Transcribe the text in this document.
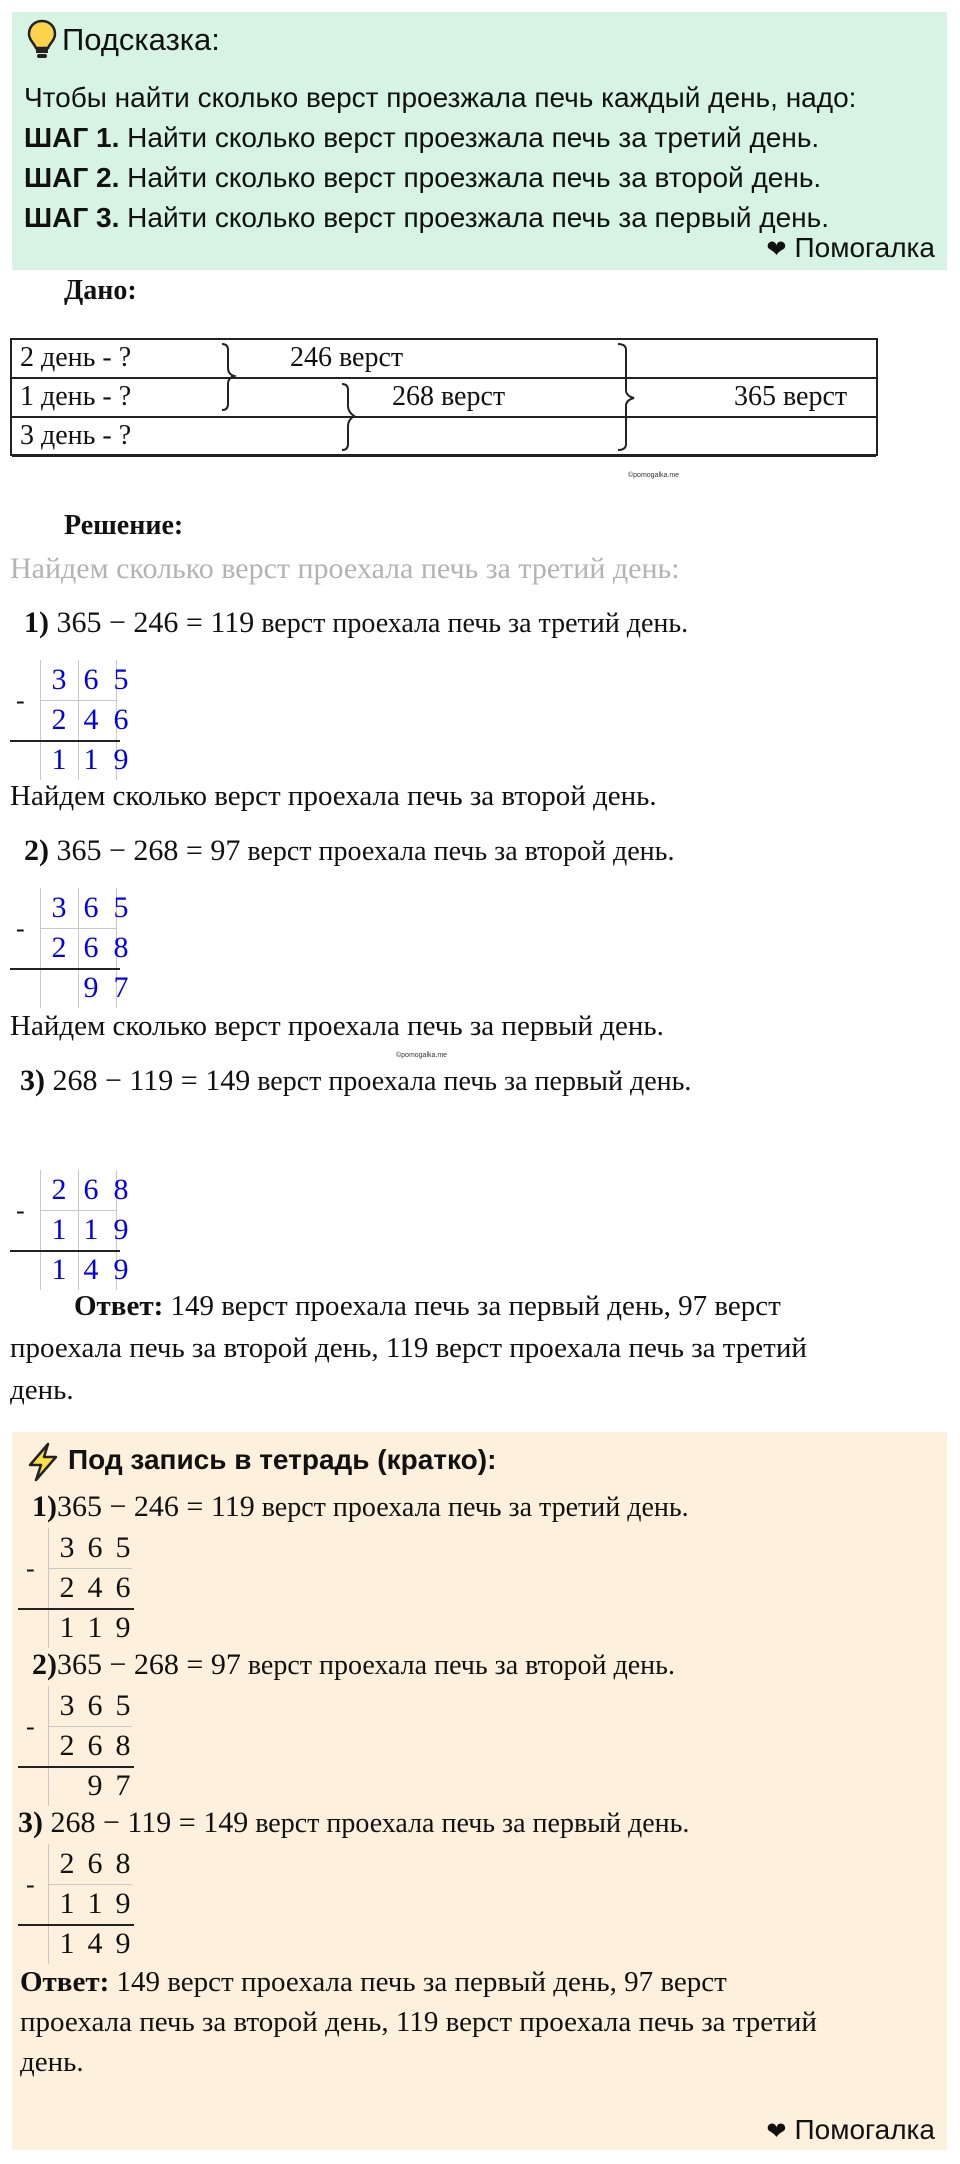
Подсказка:
Чтобы найти сколько верст проезжала печь каждый день, надо:
ШАГ 1. Найти сколько верст проезжала печь за третий день.
ШАГ 2. Найти сколько верст проезжала печь за второй день.
ШАГ 3. Найти сколько верст проезжала печь за первый день.
❤ Помогалка
Дано:
2 день - ?	246 верст
1 день - ?	268 верст	365 верст
3 день - ?
©pomogalka.me
Решение:
Найдем сколько верст проехала печь за третий день:
1) 365 − 246 = 119 верст проехала печь за третий день.
-
3 6 5
2 4 6
1 1 9
Найдем сколько верст проехала печь за второй день.
2) 365 − 268 = 97 верст проехала печь за второй день.
-
3 6 5
2 6 8
9 7
Найдем сколько верст проехала печь за первый день.
©pomogalka.me
3) 268 − 119 = 149 верст проехала печь за первый день.
-
2 6 8
1 1 9
1 4 9
Ответ: 149 верст проехала печь за первый день, 97 верст
проехала печь за второй день, 119 верст проехала печь за третий
день.
Под запись в тетрадь (кратко):
1)365 − 246 = 119 верст проехала печь за третий день.
-
3 6 5
2 4 6
1 1 9
2)365 − 268 = 97 верст проехала печь за второй день.
-
3 6 5
2 6 8
9 7
3) 268 − 119 = 149 верст проехала печь за первый день.
-
2 6 8
1 1 9
1 4 9
Ответ: 149 верст проехала печь за первый день, 97 верст
проехала печь за второй день, 119 верст проехала печь за третий
день.
❤ Помогалка
